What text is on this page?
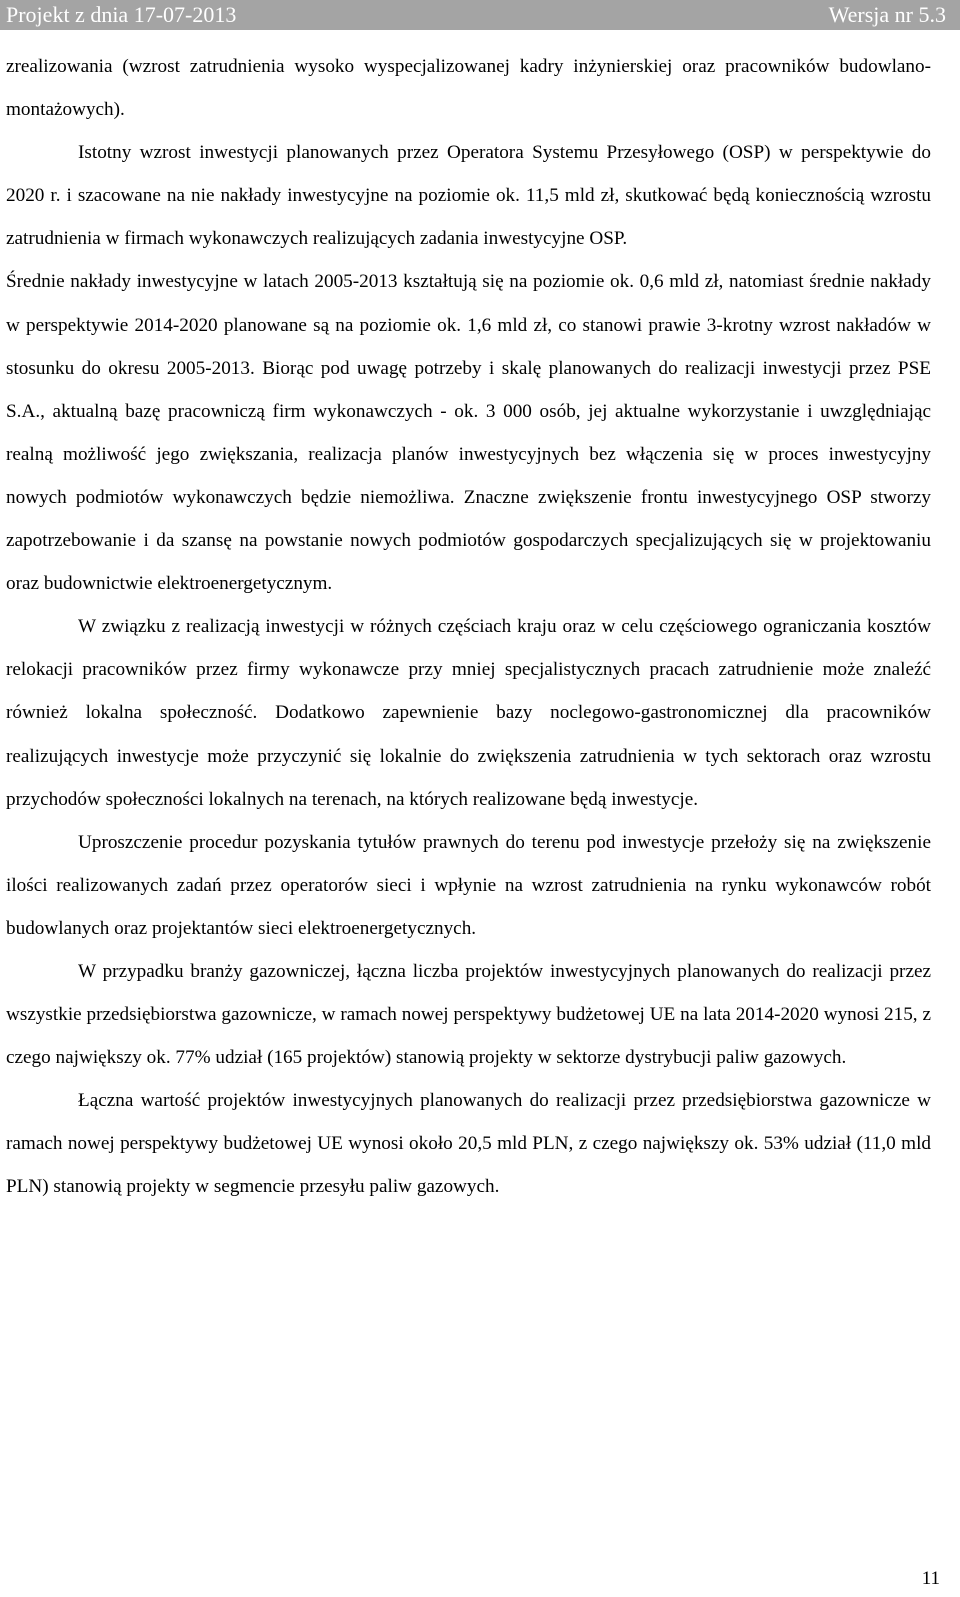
Projekt z dnia 17-07-2013	Wersja nr 5.3

zrealizowania (wzrost zatrudnienia wysoko wyspecjalizowanej kadry inżynierskiej oraz pracowników budowlano-montażowych).

Istotny wzrost inwestycji planowanych przez Operatora Systemu Przesyłowego (OSP) w perspektywie do 2020 r. i szacowane na nie nakłady inwestycyjne na poziomie ok. 11,5 mld zł, skutkować będą koniecznością wzrostu zatrudnienia w firmach wykonawczych realizujących zadania inwestycyjne OSP.

Średnie nakłady inwestycyjne w latach 2005-2013 kształtują się na poziomie ok. 0,6 mld zł, natomiast średnie nakłady w perspektywie 2014-2020 planowane są na poziomie ok. 1,6 mld zł, co stanowi prawie 3-krotny wzrost nakładów w stosunku do okresu 2005-2013. Biorąc pod uwagę potrzeby i skalę planowanych do realizacji inwestycji przez PSE S.A., aktualną bazę pracowniczą firm wykonawczych - ok. 3 000 osób, jej aktualne wykorzystanie i uwzględniając realną możliwość jego zwiększania, realizacja planów inwestycyjnych bez włączenia się w proces inwestycyjny nowych podmiotów wykonawczych będzie niemożliwa. Znaczne zwiększenie frontu inwestycyjnego OSP stworzy zapotrzebowanie i da szansę na powstanie nowych podmiotów gospodarczych specjalizujących się w projektowaniu oraz budownictwie elektroenergetycznym.

W związku z realizacją inwestycji w różnych częściach kraju oraz w celu częściowego ograniczania kosztów relokacji pracowników przez firmy wykonawcze przy mniej specjalistycznych pracach zatrudnienie może znaleźć również lokalna społeczność. Dodatkowo zapewnienie bazy noclegowo-gastronomicznej dla pracowników realizujących inwestycje może przyczynić się lokalnie do zwiększenia zatrudnienia w tych sektorach oraz wzrostu przychodów społeczności lokalnych na terenach, na których realizowane będą inwestycje.

Uproszczenie procedur pozyskania tytułów prawnych do terenu pod inwestycje przełoży się na zwiększenie ilości realizowanych zadań przez operatorów sieci i wpłynie na wzrost zatrudnienia na rynku wykonawców robót budowlanych oraz projektantów sieci elektroenergetycznych.

W przypadku branży gazowniczej, łączna liczba projektów inwestycyjnych planowanych do realizacji przez wszystkie przedsiębiorstwa gazownicze, w ramach nowej perspektywy budżetowej UE na lata 2014-2020 wynosi 215, z czego największy ok. 77% udział (165 projektów) stanowią projekty w sektorze dystrybucji paliw gazowych.

Łączna wartość projektów inwestycyjnych planowanych do realizacji przez przedsiębiorstwa gazownicze w ramach nowej perspektywy budżetowej UE wynosi około 20,5 mld PLN, z czego największy ok. 53% udział (11,0 mld PLN) stanowią projekty w segmencie przesyłu paliw gazowych.

11
